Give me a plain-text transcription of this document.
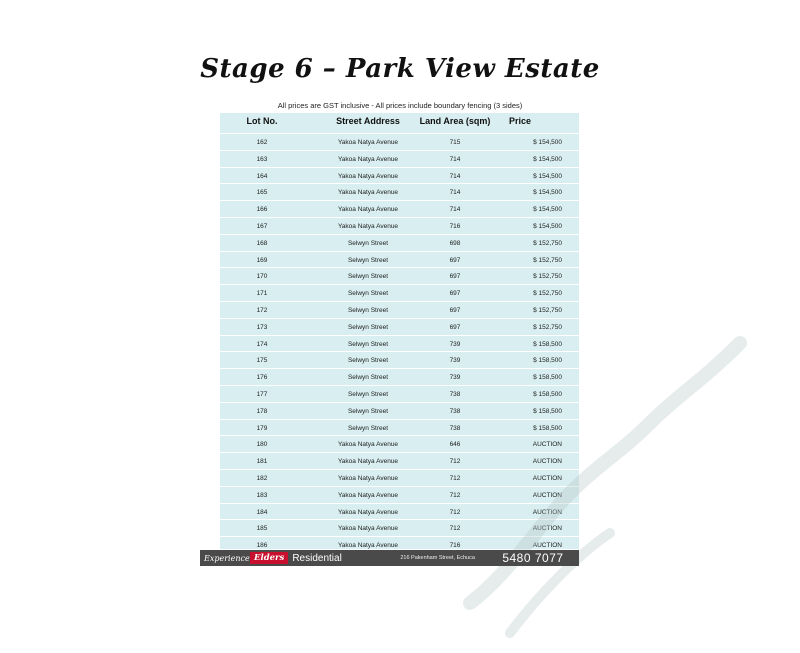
Stage 6 – Park View Estate
All prices are GST inclusive - All prices include boundary fencing (3 sides)
Lot No.	Street Address	Land Area (sqm)	Price
162	Yakoa Natya Avenue	715	$ 154,500
163	Yakoa Natya Avenue	714	$ 154,500
164	Yakoa Natya Avenue	714	$ 154,500
165	Yakoa Natya Avenue	714	$ 154,500
166	Yakoa Natya Avenue	714	$ 154,500
167	Yakoa Natya Avenue	716	$ 154,500
168	Selwyn Street	698	$ 152,750
169	Selwyn Street	697	$ 152,750
170	Selwyn Street	697	$ 152,750
171	Selwyn Street	697	$ 152,750
172	Selwyn Street	697	$ 152,750
173	Selwyn Street	697	$ 152,750
174	Selwyn Street	739	$ 158,500
175	Selwyn Street	739	$ 158,500
176	Selwyn Street	739	$ 158,500
177	Selwyn Street	738	$ 158,500
178	Selwyn Street	738	$ 158,500
179	Selwyn Street	738	$ 158,500
180	Yakoa Natya Avenue	646	AUCTION
181	Yakoa Natya Avenue	712	AUCTION
182	Yakoa Natya Avenue	712	AUCTION
183	Yakoa Natya Avenue	712	AUCTION
184	Yakoa Natya Avenue	712	AUCTION
185	Yakoa Natya Avenue	712	AUCTION
186	Yakoa Natya Avenue	716	AUCTION
Experience Elders Residential	216 Pakenham Street, Echuca	5480 7077
